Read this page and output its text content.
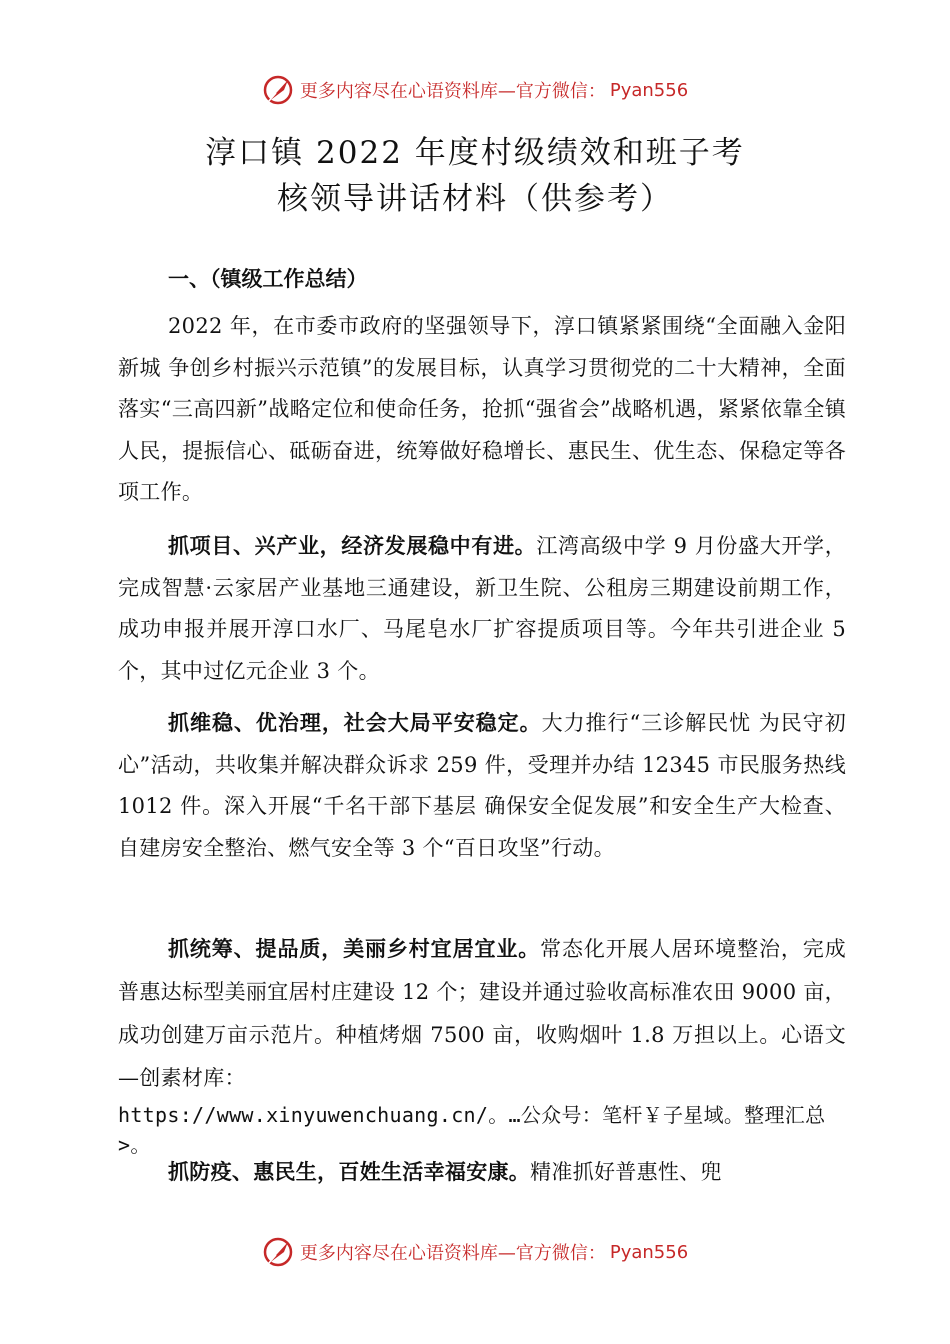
更多内容尽在心语资料库—官方微信： Pyan556
淳口镇 2022 年度村级绩效和班子考
核领导讲话材料（供参考）
一、（镇级工作总结）
2022 年，在市委市政府的坚强领导下，淳口镇紧紧围绕“全面融入金阳新城 争创乡村振兴示范镇”的发展目标，认真学习贯彻党的二十大精神，全面落实“三高四新”战略定位和使命任务，抢抓“强省会”战略机遇，紧紧依靠全镇人民，提振信心、砥砺奋进，统筹做好稳增长、惠民生、优生态、保稳定等各项工作。
抓项目、兴产业，经济发展稳中有进。江湾高级中学 9 月份盛大开学，完成智慧·云家居产业基地三通建设，新卫生院、公租房三期建设前期工作，成功申报并展开淳口水厂、马尾皂水厂扩容提质项目等。今年共引进企业 5 个，其中过亿元企业 3 个。
抓维稳、优治理，社会大局平安稳定。大力推行“三诊解民忧 为民守初心”活动，共收集并解决群众诉求 259 件，受理并办结 12345 市民服务热线 1012 件。深入开展“千名干部下基层 确保安全促发展”和安全生产大检查、自建房安全整治、燃气安全等 3 个“百日攻坚”行动。
抓统筹、提品质，美丽乡村宜居宜业。常态化开展人居环境整治，完成普惠达标型美丽宜居村庄建设 12 个；建设并通过验收高标准农田 9000 亩，成功创建万亩示范片。种植烤烟 7500 亩，收购烟叶 1.8 万担以上。心语文—创素材库：
https://www.xinyuwenchuang.cn/。…公众号：笔杆￥子星域。整理汇总>。
抓防疫、惠民生，百姓生活幸福安康。精准抓好普惠性、兜
更多内容尽在心语资料库—官方微信： Pyan556
